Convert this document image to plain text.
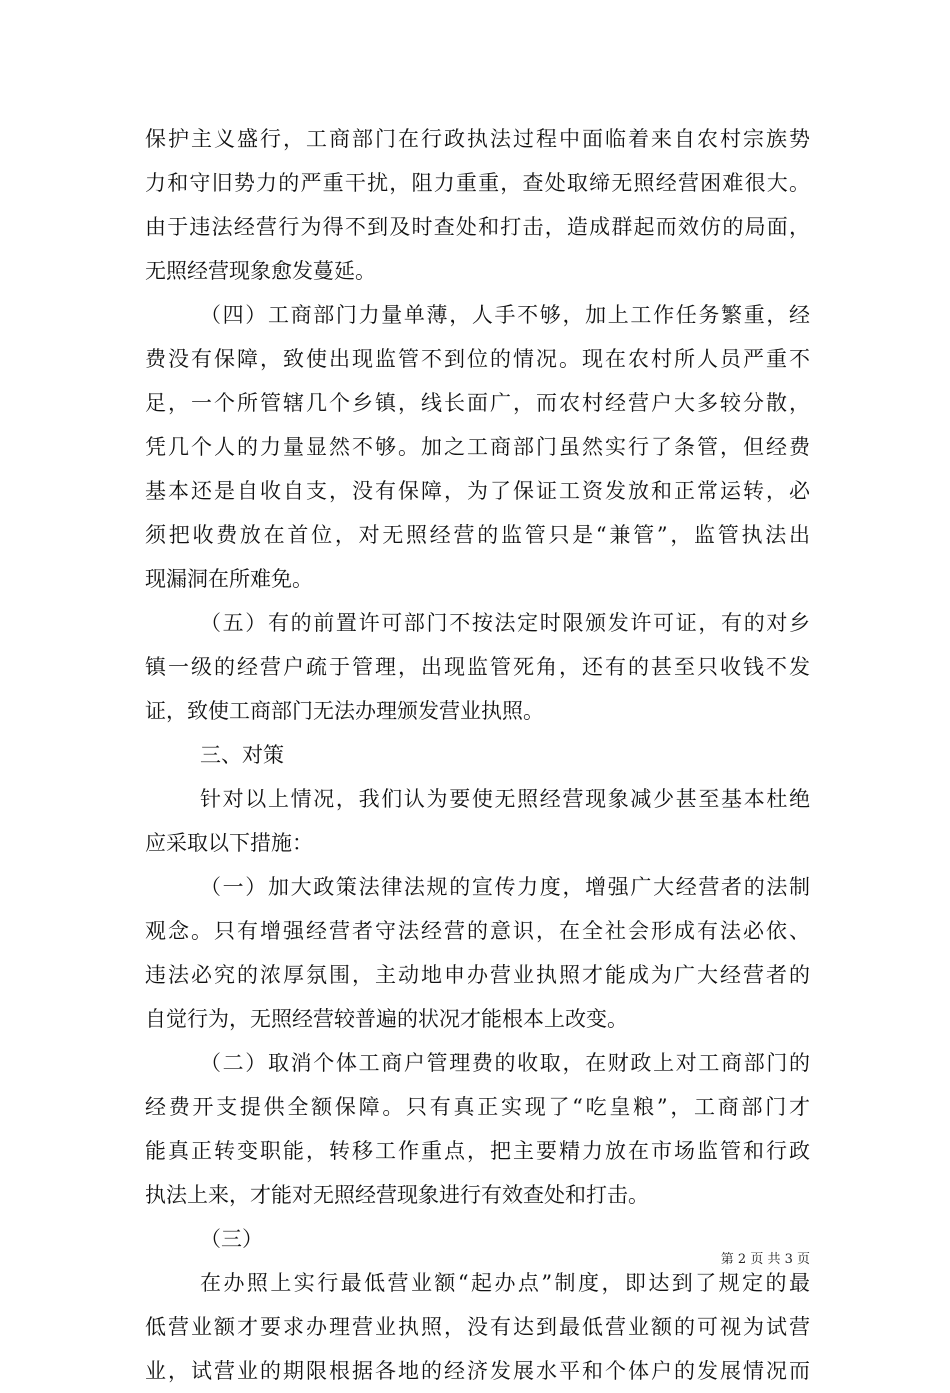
保护主义盛行，工商部门在行政执法过程中面临着来自农村宗族势
力和守旧势力的严重干扰，阻力重重，查处取缔无照经营困难很大。
由于违法经营行为得不到及时查处和打击，造成群起而效仿的局面，
无照经营现象愈发蔓延。
（四）工商部门力量单薄，人手不够，加上工作任务繁重，经
费没有保障，致使出现监管不到位的情况。现在农村所人员严重不
足，一个所管辖几个乡镇，线长面广，而农村经营户大多较分散，
凭几个人的力量显然不够。加之工商部门虽然实行了条管，但经费
基本还是自收自支，没有保障，为了保证工资发放和正常运转，必
须把收费放在首位，对无照经营的监管只是“兼管”，监管执法出
现漏洞在所难免。
（五）有的前置许可部门不按法定时限颁发许可证，有的对乡
镇一级的经营户疏于管理，出现监管死角，还有的甚至只收钱不发
证，致使工商部门无法办理颁发营业执照。
三、对策
针对以上情况，我们认为要使无照经营现象减少甚至基本杜绝
应采取以下措施：
（一）加大政策法律法规的宣传力度，增强广大经营者的法制
观念。只有增强经营者守法经营的意识，在全社会形成有法必依、
违法必究的浓厚氛围，主动地申办营业执照才能成为广大经营者的
自觉行为，无照经营较普遍的状况才能根本上改变。
（二）取消个体工商户管理费的收取，在财政上对工商部门的
经费开支提供全额保障。只有真正实现了“吃皇粮”，工商部门才
能真正转变职能，转移工作重点，把主要精力放在市场监管和行政
执法上来，才能对无照经营现象进行有效查处和打击。
（三）
在办照上实行最低营业额“起办点”制度，即达到了规定的最
低营业额才要求办理营业执照，没有达到最低营业额的可视为试营
业，试营业的期限根据各地的经济发展水平和个体户的发展情况而
第 2 页 共 3 页
